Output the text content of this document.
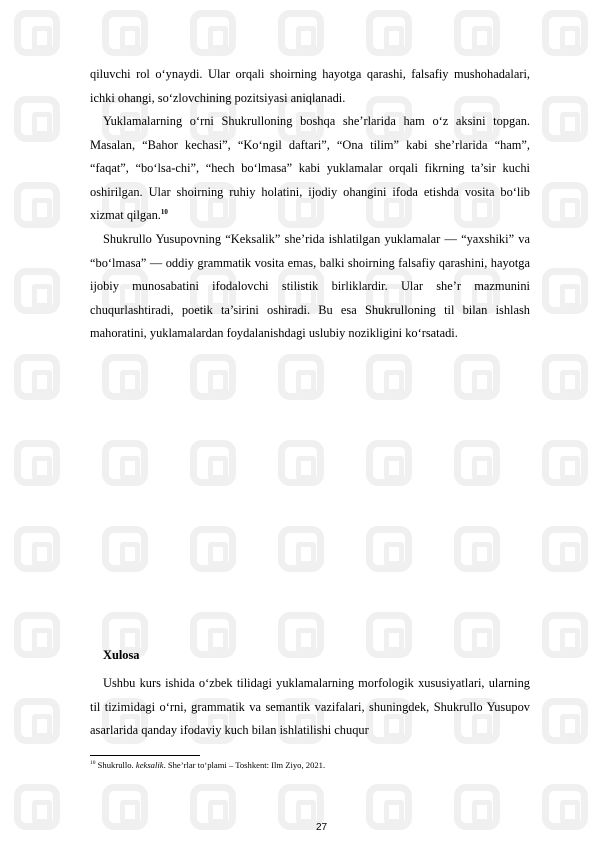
qiluvchi rol o‘ynaydi. Ular orqali shoirning hayotga qarashi, falsafiy mushohadalari, ichki ohangi, so‘zlovchining pozitsiyasi aniqlanadi.

Yuklamalarning o‘rni Shukrulloning boshqa she’rlarida ham o‘z aksini topgan. Masalan, “Bahor kechasi”, “Ko‘ngil daftari”, “Ona tilim” kabi she’rlarida “ham”, “faqat”, “bo‘lsa-chi”, “hech bo‘lmasa” kabi yuklamalar orqali fikrning ta’sir kuchi oshirilgan. Ular shoirning ruhiy holatini, ijodiy ohangini ifoda etishda vosita bo‘lib xizmat qilgan.$^{10}$

Shukrullo Yusupovning “Keksalik” she’rida ishlatilgan yuklamalar — “yaxshiki” va “bo‘lmasa” — oddiy grammatik vosita emas, balki shoirning falsafiy qarashini, hayotga ijobiy munosabatini ifodalovchi stilistik birliklardir. Ular she’r mazmunini chuqurlashtiradi, poetik ta’sirini oshiradi. Bu esa Shukrulloning til bilan ishlash mahoratini, yuklamalardan foydalanishdagi uslubiy nozikligini ko‘rsatadi.

Xulosa

Ushbu kurs ishida o‘zbek tilidagi yuklamalarning morfologik xususiyatlari, ularning til tizimidagi o‘rni, grammatik va semantik vazifalari, shuningdek, Shukrullo Yusupov asarlarida qanday ifodaviy kuch bilan ishlatilishi chuqur

$^{10}$ Shukrullo. keksalik. She’rlar to‘plami – Toshkent: Ilm Ziyo, 2021.
27
